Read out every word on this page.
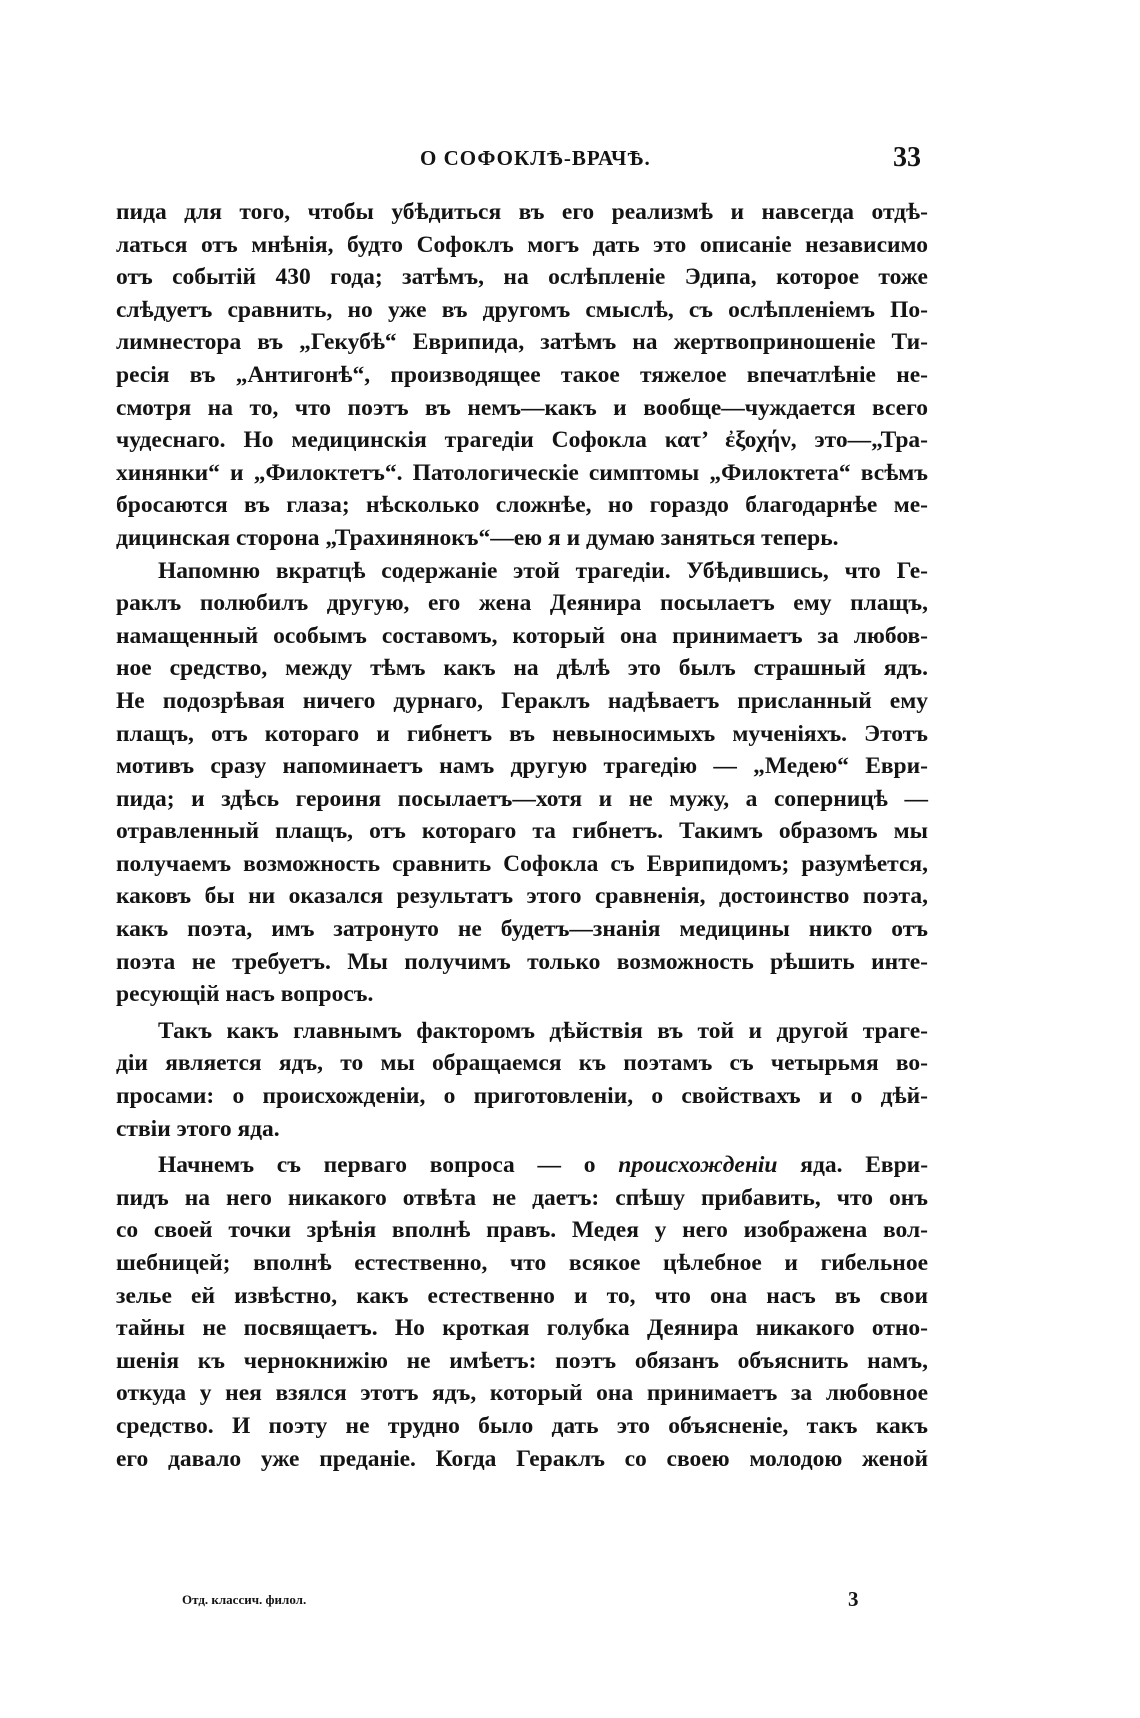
О СОФОКЛѢ-ВРАЧѢ.	33
пида для того, чтобы убѣдиться въ его реализмѣ и навсегда отдѣ-
латься отъ мнѣнія, будто Софоклъ могъ дать это описаніе независимо
отъ событій 430 года; затѣмъ, на ослѣпленіе Эдипа, которое тоже
слѣдуетъ сравнить, но уже въ другомъ смыслѣ, съ ослѣпленіемъ По-
лимнестора въ „Гекубѣ“ Еврипида, затѣмъ на жертвоприношеніе Ти-
ресія въ „Антигонѣ“, производящее такое тяжелое впечатлѣніе не-
смотря на то, что поэтъ въ немъ—какъ и вообще—чуждается всего
чудеснаго. Но медицинскія трагедіи Софокла κατ’ ἐξοχήν, это—„Тра-
хинянки“ и „Филоктетъ“. Патологическіе симптомы „Филоктета“ всѣмъ
бросаются въ глаза; нѣсколько сложнѣе, но гораздо благодарнѣе ме-
дицинская сторона „Трахинянокъ“—ею я и думаю заняться теперь.
Напомню вкратцѣ содержаніе этой трагедіи. Убѣдившись, что Ге-
раклъ полюбилъ другую, его жена Деянира посылаетъ ему плащъ,
намащенный особымъ составомъ, который она принимаетъ за любов-
ное средство, между тѣмъ какъ на дѣлѣ это былъ страшный ядъ.
Не подозрѣвая ничего дурнаго, Гераклъ надѣваетъ присланный ему
плащъ, отъ котораго и гибнетъ въ невыносимыхъ мученіяхъ. Этотъ
мотивъ сразу напоминаетъ намъ другую трагедію — „Медею“ Еври-
пида; и здѣсь героиня посылаетъ—хотя и не мужу, а соперницѣ —
отравленный плащъ, отъ котораго та гибнетъ. Такимъ образомъ мы
получаемъ возможность сравнить Софокла съ Еврипидомъ; разумѣется,
каковъ бы ни оказался результатъ этого сравненія, достоинство поэта,
какъ поэта, имъ затронуто не будетъ—знанія медицины никто отъ
поэта не требуетъ. Мы получимъ только возможность рѣшить инте-
ресующій насъ вопросъ.
Такъ какъ главнымъ факторомъ дѣйствія въ той и другой траге-
діи является ядъ, то мы обращаемся къ поэтамъ съ четырьмя во-
просами: о происхожденіи, о приготовленіи, о свойствахъ и о дѣй-
ствіи этого яда.
Начнемъ съ перваго вопроса — о происхожденіи яда. Еври-
пидъ на него никакого отвѣта не даетъ: спѣшу прибавить, что онъ
со своей точки зрѣнія вполнѣ правъ. Медея у него изображена вол-
шебницей; вполнѣ естественно, что всякое цѣлебное и гибельное
зелье ей извѣстно, какъ естественно и то, что она насъ въ свои
тайны не посвящаетъ. Но кроткая голубка Деянира никакого отно-
шенія къ чернокнижію не имѣетъ: поэтъ обязанъ объяснить намъ,
откуда у нея взялся этотъ ядъ, который она принимаетъ за любовное
средство. И поэту не трудно было дать это объясненіе, такъ какъ
его давало уже преданіе. Когда Гераклъ со своею молодою женой
Отд. классич. филол.	3
